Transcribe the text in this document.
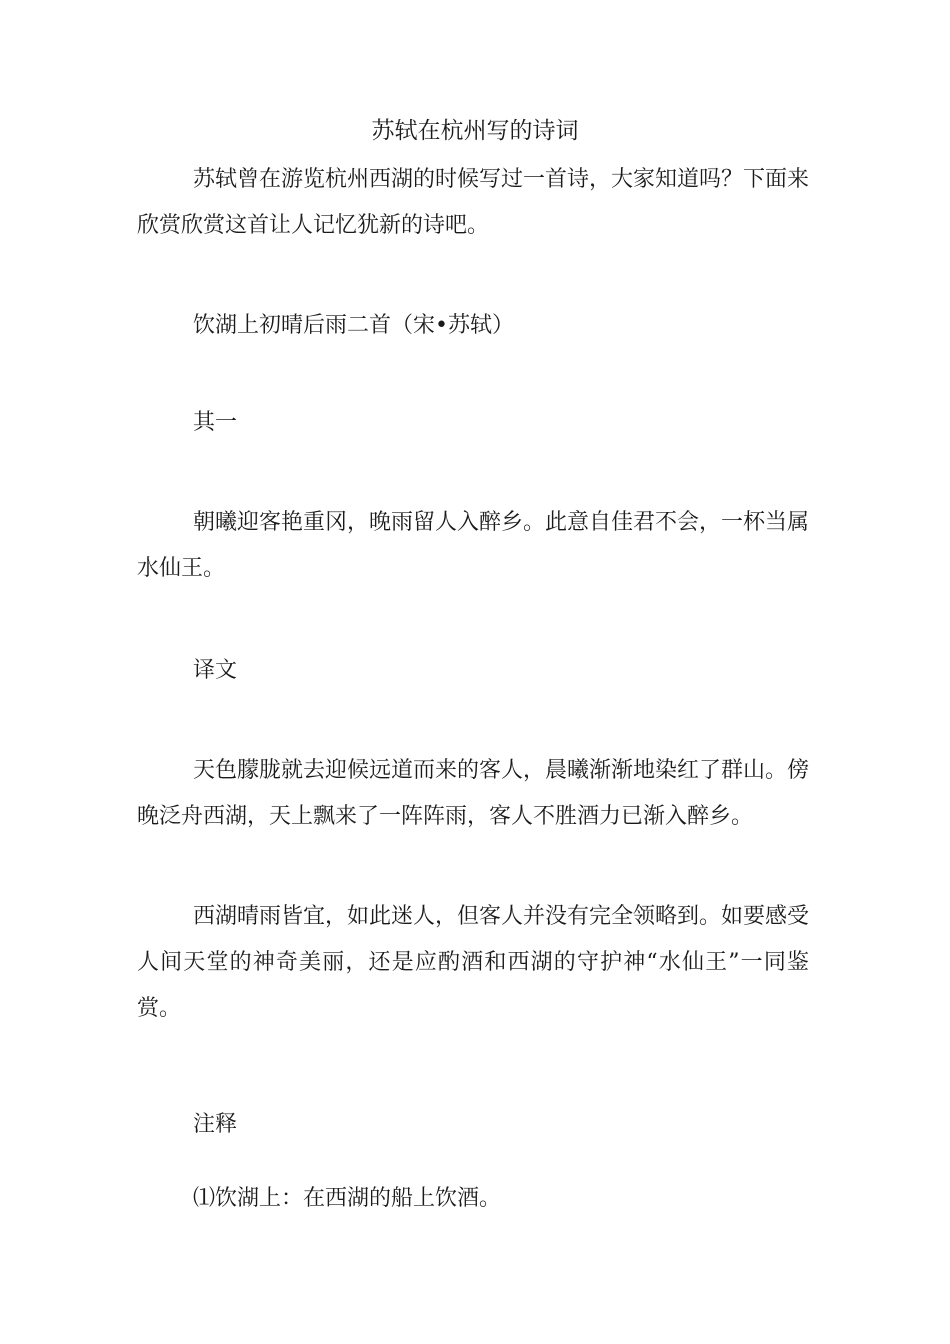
苏轼在杭州写的诗词

苏轼曾在游览杭州西湖的时候写过一首诗，大家知道吗？下面来欣赏欣赏这首让人记忆犹新的诗吧。

饮湖上初晴后雨二首（宋•苏轼）

其一

朝曦迎客艳重冈，晚雨留人入醉乡。此意自佳君不会，一杯当属水仙王。

译文

天色朦胧就去迎候远道而来的客人，晨曦渐渐地染红了群山。傍晚泛舟西湖，天上飘来了一阵阵雨，客人不胜酒力已渐入醉乡。

西湖晴雨皆宜，如此迷人，但客人并没有完全领略到。如要感受人间天堂的神奇美丽，还是应酌酒和西湖的守护神“水仙王”一同鉴赏。

注释

⑴饮湖上：在西湖的船上饮酒。
